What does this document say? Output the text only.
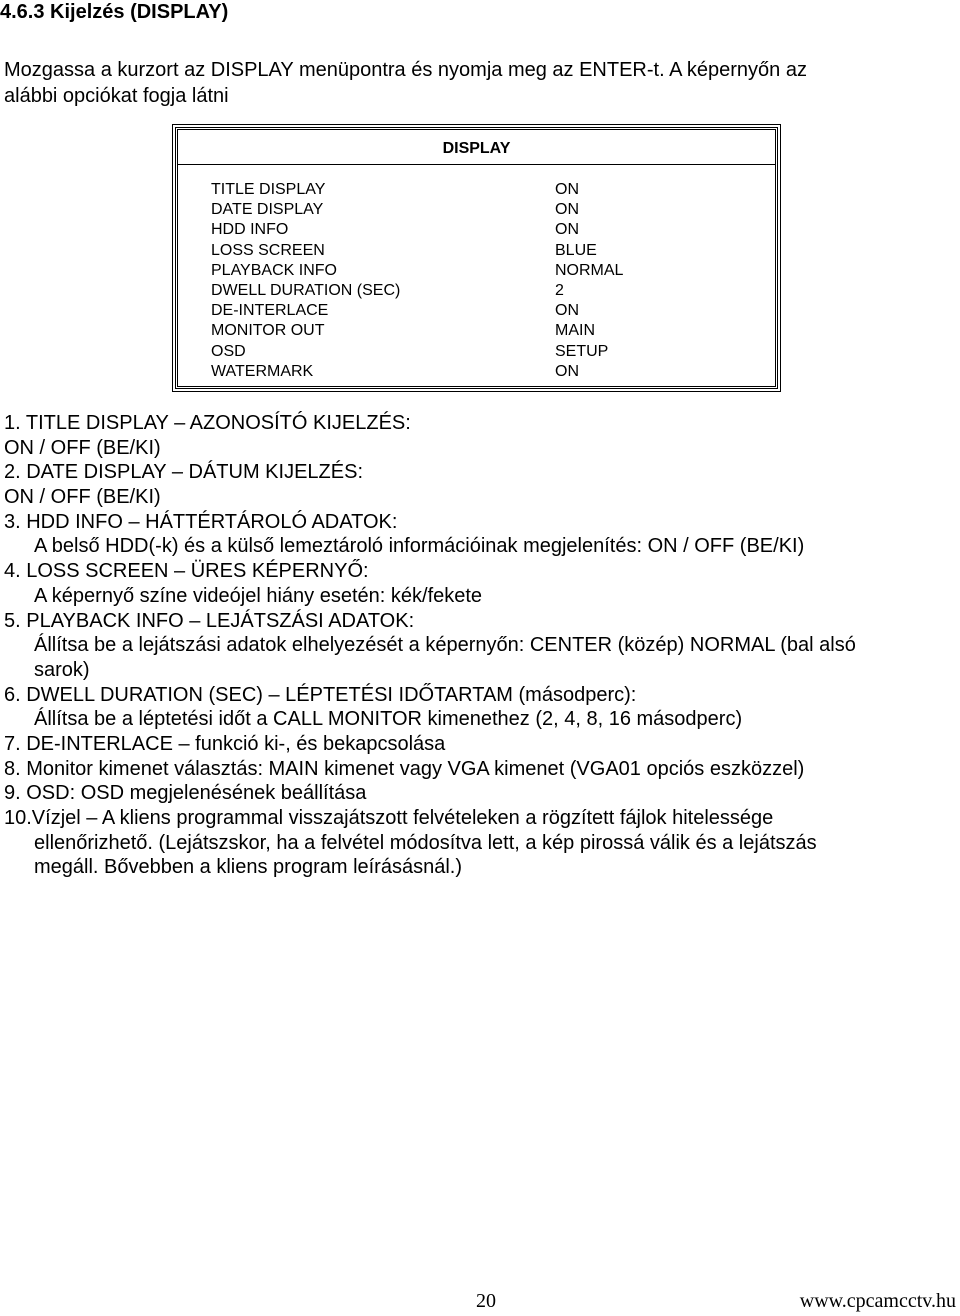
4.6.3 Kijelzés (DISPLAY)
Mozgassa a kurzort az DISPLAY menüpontra és nyomja meg az ENTER-t. A képernyőn az
alábbi opciókat fogja látni
DISPLAY
TITLE DISPLAY	ON
DATE DISPLAY	ON
HDD INFO	ON
LOSS SCREEN	BLUE
PLAYBACK INFO	NORMAL
DWELL DURATION (SEC)	2
DE-INTERLACE	ON
MONITOR OUT	MAIN
OSD	SETUP
WATERMARK	ON
1. TITLE DISPLAY – AZONOSÍTÓ KIJELZÉS:
ON / OFF (BE/KI)
2. DATE DISPLAY – DÁTUM KIJELZÉS:
ON / OFF (BE/KI)
3. HDD INFO – HÁTTÉRTÁROLÓ ADATOK:
A belső HDD(-k) és a külső lemeztároló információinak megjelenítés: ON / OFF (BE/KI)
4. LOSS SCREEN – ÜRES KÉPERNYŐ:
A képernyő színe videójel hiány esetén: kék/fekete
5. PLAYBACK INFO – LEJÁTSZÁSI ADATOK:
Állítsa be a lejátszási adatok elhelyezését a képernyőn: CENTER (közép) NORMAL (bal alsó
sarok)
6. DWELL DURATION (SEC) – LÉPTETÉSI IDŐTARTAM (másodperc):
Állítsa be a léptetési időt a CALL MONITOR kimenethez (2, 4, 8, 16 másodperc)
7. DE-INTERLACE – funkció ki-, és bekapcsolása
8. Monitor kimenet választás: MAIN kimenet vagy VGA kimenet (VGA01 opciós eszközzel)
9. OSD: OSD megjelenésének beállítása
10.Vízjel – A kliens programmal visszajátszott felvételeken a rögzített fájlok hitelessége
ellenőrizhető. (Lejátszskor, ha a felvétel módosítva lett, a kép pirossá válik és a lejátszás
megáll. Bővebben a kliens program leírásásnál.)
20	www.cpcamcctv.hu
